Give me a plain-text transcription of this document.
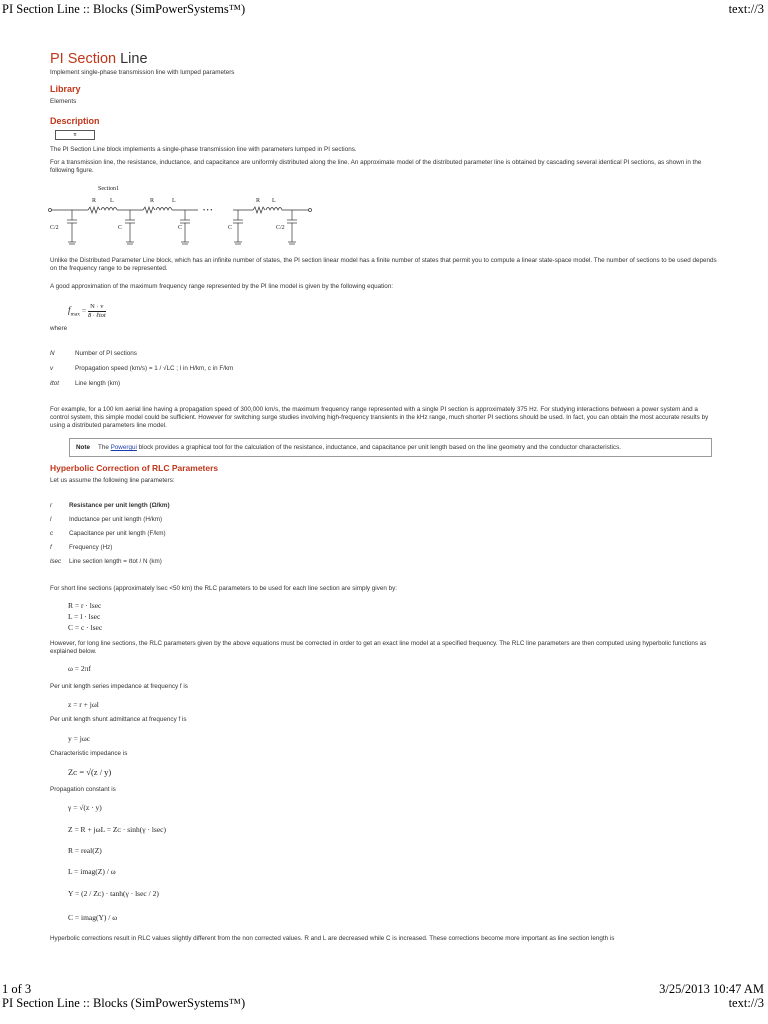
PI Section Line :: Blocks (SimPowerSystems™)	text://3
PI Section Line
Implement single-phase transmission line with lumped parameters
Library
Elements
Description
π
The PI Section Line block implements a single-phase transmission line with parameters lumped in PI sections.
For a transmission line, the resistance, inductance, and capacitance are uniformly distributed along the line. An approximate model of the distributed parameter line is obtained by cascading several identical PI sections, as shown in the following figure.
Section1
R L	R	L	R L
• • •
C/2	C	C	C	C/2
Unlike the Distributed Parameter Line block, which has an infinite number of states, the PI section linear model has a finite number of states that permit you to compute a linear state-space model. The number of sections to be used depends on the frequency range to be represented.
A good approximation of the maximum frequency range represented by the PI line model is given by the following equation:
$f_{max} = N \cdot v$
8 · ℓtot
where
N	Number of PI sections
v	Propagation speed (km/s) = 1 / √LC ; l in H/km, c in F/km
ℓtot	Line length (km)
For example, for a 100 km aerial line having a propagation speed of 300,000 km/s, the maximum frequency range represented with a single PI section is approximately 375 Hz. For studying interactions between a power system and a control system, this simple model could be sufficient. However for switching surge studies involving high-frequency transients in the kHz range, much shorter PI sections should be used. In fact, you can obtain the most accurate results by using a distributed parameters line model.
Note The Powergui block provides a graphical tool for the calculation of the resistance, inductance, and capacitance per unit length based on the line geometry and the conductor characteristics.
Hyperbolic Correction of RLC Parameters
Let us assume the following line parameters:
r	Resistance per unit length (Ω/km)
l	Inductance per unit length (H/km)
c	Capacitance per unit length (F/km)
f	Frequency (Hz)
lsec Line section length = ℓtot / N (km)
For short line sections (approximately lsec <50 km) the RLC parameters to be used for each line section are simply given by:
R = r · lsec
L = l · lsec
C = c · lsec
However, for long line sections, the RLC parameters given by the above equations must be corrected in order to get an exact line model at a specified frequency. The RLC line parameters are then computed using hyperbolic functions as explained below.
ω = 2πf
Per unit length series impedance at frequency f is
z = r + jωl
Per unit length shunt admittance at frequency f is
y = jωc
Characteristic impedance is
Zᴄ = √(z / y)
Propagation constant is
γ = √(z · y)
Z = R + jωL = Zᴄ · sinh(γ · lsec)
R = real(Z)
L = imag(Z) / ω
Y = (2 / Zᴄ) · tanh(γ · lsec / 2)
C = imag(Y) / ω
Hyperbolic corrections result in RLC values slightly different from the non corrected values. R and L are decreased while C is increased. These corrections become more important as line section length is
1 of 3	3/25/2013 10:47 AM
PI Section Line :: Blocks (SimPowerSystems™)	text://3
